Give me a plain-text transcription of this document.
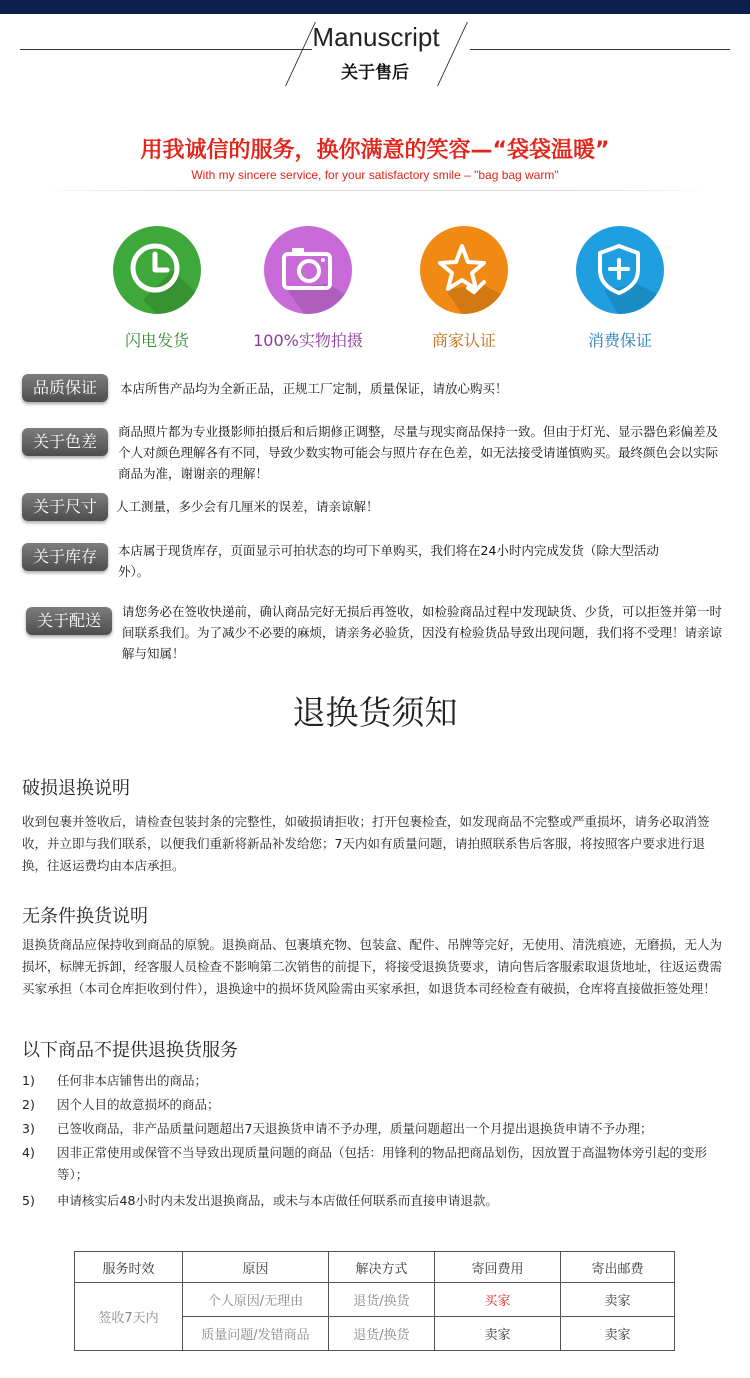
Manuscript
关于售后
用我诚信的服务，换你满意的笑容—“袋袋温暖”
With my sincere service, for your satisfactory smile – "bag bag warm"
闪电发货	100%实物拍摄	商家认证	消费保证
品质保证	本店所售产品均为全新正品，正规工厂定制，质量保证，请放心购买！
关于色差
商品照片都为专业摄影师拍摄后和后期修正调整，尽量与现实商品保持一致。但由于灯光、显示器色彩偏差及个人对颜色理解各有不同，导致少数实物可能会与照片存在色差，如无法接受请谨慎购买。最终颜色会以实际商品为准，谢谢亲的理解！
关于尺寸	人工测量，多少会有几厘米的误差，请亲谅解！
关于库存	本店属于现货库存，页面显示可拍状态的均可下单购买，我们将在24小时内完成发货（除大型活动外）。
关于配送	请您务必在签收快递前，确认商品完好无损后再签收，如检验商品过程中发现缺货、少货，可以拒签并第一时间联系我们。为了减少不必要的麻烦，请亲务必验货，因没有检验货品导致出现问题，我们将不受理！请亲谅解与知属！
退换货须知
破损退换说明
收到包裹并签收后，请检查包装封条的完整性，如破损请拒收；打开包裹检查，如发现商品不完整或严重损坏，请务必取消签收，并立即与我们联系，以便我们重新将新品补发给您；7天内如有质量问题，请拍照联系售后客服，将按照客户要求进行退换，往返运费均由本店承担。
无条件换货说明
退换货商品应保持收到商品的原貌。退换商品、包裹填充物、包装盒、配件、吊牌等完好，无使用、清洗痕迹，无磨损，无人为损坏，标牌无拆卸，经客服人员检查不影响第二次销售的前提下，将接受退换货要求，请向售后客服索取退货地址，往返运费需买家承担（本司仓库拒收到付件），退换途中的损坏货风险需由买家承担，如退货本司经检查有破损，仓库将直接做拒签处理！
以下商品不提供退换货服务
1) 任何非本店铺售出的商品；
2) 因个人目的故意损坏的商品；
3) 已签收商品，非产品质量问题超出7天退换货申请不予办理，质量问题超出一个月提出退换货申请不予办理；
4) 因非正常使用或保管不当导致出现质量问题的商品（包括：用锋利的物品把商品划伤，因放置于高温物体旁引起的变形等）；
5) 申请核实后48小时内未发出退换商品，或未与本店做任何联系而直接申请退款。
服务时效	原因	解决方式	寄回费用	寄出邮费
签收7天内	个人原因/无理由	退货/换货	买家	卖家
	质量问题/发错商品	退货/换货	卖家	卖家
